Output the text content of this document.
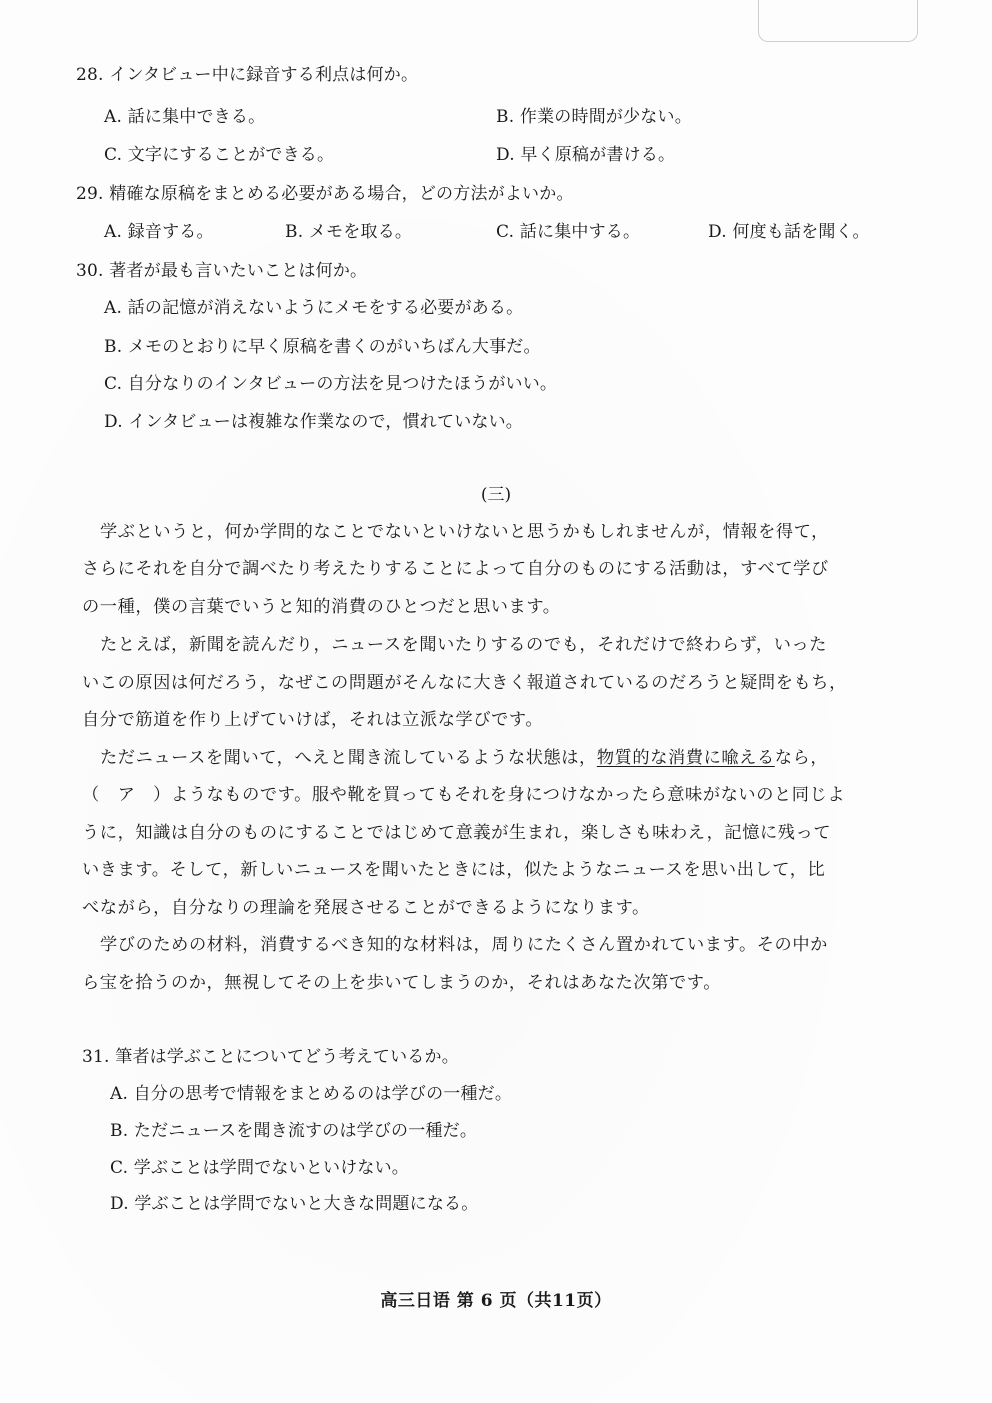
28. インタビュー中に録音する利点は何か。
A. 話に集中できる。	B. 作業の時間が少ない。
C. 文字にすることができる。	D. 早く原稿が書ける。
29. 精確な原稿をまとめる必要がある場合，どの方法がよいか。
A. 録音する。	B. メモを取る。	C. 話に集中する。	D. 何度も話を聞く。
30. 著者が最も言いたいことは何か。
A. 話の記憶が消えないようにメモをする必要がある。
B. メモのとおりに早く原稿を書くのがいちばん大事だ。
C. 自分なりのインタビューの方法を見つけたほうがいい。
D. インタビューは複雑な作業なので，慣れていない。
(三)
学ぶというと，何か学問的なことでないといけないと思うかもしれませんが，情報を得て，
さらにそれを自分で調べたり考えたりすることによって自分のものにする活動は，すべて学び
の一種，僕の言葉でいうと知的消費のひとつだと思います。
たとえば，新聞を読んだり，ニュースを聞いたりするのでも，それだけで終わらず，いった
いこの原因は何だろう，なぜこの問題がそんなに大きく報道されているのだろうと疑問をもち，
自分で筋道を作り上げていけば，それは立派な学びです。
ただニュースを聞いて，へえと聞き流しているような状態は，物質的な消費に喩えるなら，
（　ア　）ようなものです。服や靴を買ってもそれを身につけなかったら意味がないのと同じよ
うに，知識は自分のものにすることではじめて意義が生まれ，楽しさも味わえ，記憶に残って
いきます。そして，新しいニュースを聞いたときには，似たようなニュースを思い出して，比
べながら，自分なりの理論を発展させることができるようになります。
学びのための材料，消費するべき知的な材料は，周りにたくさん置かれています。その中か
ら宝を拾うのか，無視してその上を歩いてしまうのか，それはあなた次第です。
31. 筆者は学ぶことについてどう考えているか。
A. 自分の思考で情報をまとめるのは学びの一種だ。
B. ただニュースを聞き流すのは学びの一種だ。
C. 学ぶことは学問でないといけない。
D. 学ぶことは学問でないと大きな問題になる。
高三日语 第 6 页（共11页）
